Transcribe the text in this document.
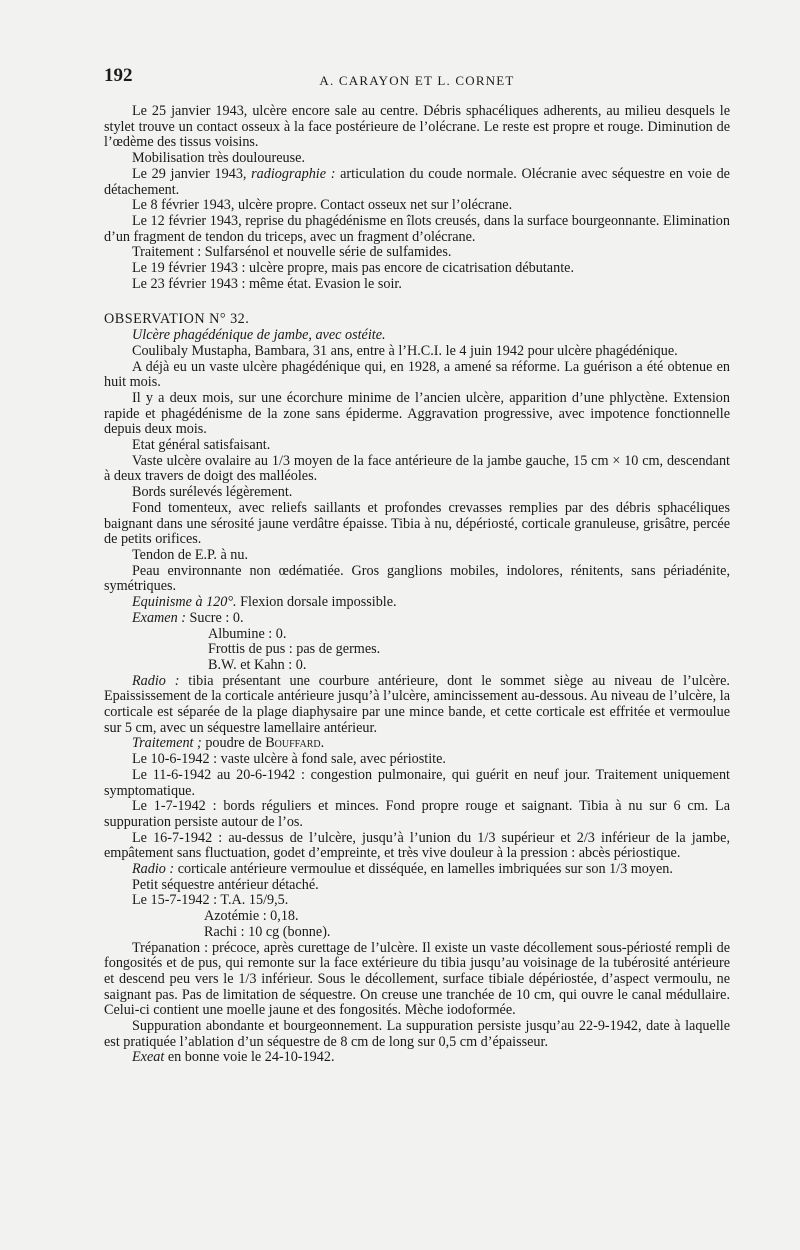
192	A. CARAYON ET L. CORNET

Le 25 janvier 1943, ulcère encore sale au centre. Débris sphacéliques adherents, au milieu desquels le stylet trouve un contact osseux à la face postérieure de l’olécrane. Le reste est propre et rouge. Diminution de l’œdème des tissus voisins.

Mobilisation très douloureuse.

Le 29 janvier 1943, radiographie : articulation du coude normale. Olécranie avec séquestre en voie de détachement.

Le 8 février 1943, ulcère propre. Contact osseux net sur l’olécrane.

Le 12 février 1943, reprise du phagédénisme en îlots creusés, dans la surface bourgeonnante. Elimination d’un fragment de tendon du triceps, avec un fragment d’olécrane.

Traitement : Sulfarsénol et nouvelle série de sulfamides.

Le 19 février 1943 : ulcère propre, mais pas encore de cicatrisation débutante.

Le 23 février 1943 : même état. Evasion le soir.

OBSERVATION N° 32.

Ulcère phagédénique de jambe, avec ostéite.

Coulibaly Mustapha, Bambara, 31 ans, entre à l’H.C.I. le 4 juin 1942 pour ulcère phagédénique.

A déjà eu un vaste ulcère phagédénique qui, en 1928, a amené sa réforme. La guérison a été obtenue en huit mois.

Il y a deux mois, sur une écorchure minime de l’ancien ulcère, apparition d’une phlyctène. Extension rapide et phagédénisme de la zone sans épiderme. Aggravation progressive, avec impotence fonctionnelle depuis deux mois.

Etat général satisfaisant.

Vaste ulcère ovalaire au 1/3 moyen de la face antérieure de la jambe gauche, 15 cm × 10 cm, descendant à deux travers de doigt des malléoles.

Bords surélevés légèrement.

Fond tomenteux, avec reliefs saillants et profondes crevasses remplies par des débris sphacéliques baignant dans une sérosité jaune verdâtre épaisse. Tibia à nu, dépériosté, corticale granuleuse, grisâtre, percée de petits orifices.

Tendon de E.P. à nu.

Peau environnante non œdématiée. Gros ganglions mobiles, indolores, rénitents, sans périadénite, symétriques.

Equinisme à 120°. Flexion dorsale impossible.

Examen : Sucre : 0.

Albumine : 0.

Frottis de pus : pas de germes.

B.W. et Kahn : 0.

Radio : tibia présentant une courbure antérieure, dont le sommet siège au niveau de l’ulcère. Epaississement de la corticale antérieure jusqu’à l’ulcère, amincissement au-dessous. Au niveau de l’ulcère, la corticale est séparée de la plage diaphysaire par une mince bande, et cette corticale est effritée et vermoulue sur 5 cm, avec un séquestre lamellaire antérieur.

Traitement ; poudre de Bouffard.

Le 10-6-1942 : vaste ulcère à fond sale, avec périostite.

Le 11-6-1942 au 20-6-1942 : congestion pulmonaire, qui guérit en neuf jour. Traitement uniquement symptomatique.

Le 1-7-1942 : bords réguliers et minces. Fond propre rouge et saignant. Tibia à nu sur 6 cm. La suppuration persiste autour de l’os.

Le 16-7-1942 : au-dessus de l’ulcère, jusqu’à l’union du 1/3 supérieur et 2/3 inférieur de la jambe, empâtement sans fluctuation, godet d’empreinte, et très vive douleur à la pression : abcès périostique.

Radio : corticale antérieure vermoulue et disséquée, en lamelles imbriquées sur son 1/3 moyen.

Petit séquestre antérieur détaché.

Le 15-7-1942 : T.A. 15/9,5.

Azotémie : 0,18.

Rachi : 10 cg (bonne).

Trépanation : précoce, après curettage de l’ulcère. Il existe un vaste décollement sous-périosté rempli de fongosités et de pus, qui remonte sur la face extérieure du tibia jusqu’au voisinage de la tubérosité antérieure et descend peu vers le 1/3 inférieur. Sous le décollement, surface tibiale dépériostée, d’aspect vermoulu, ne saignant pas. Pas de limitation de séquestre. On creuse une tranchée de 10 cm, qui ouvre le canal médullaire. Celui-ci contient une moelle jaune et des fongosités. Mèche iodoformée.

Suppuration abondante et bourgeonnement. La suppuration persiste jusqu’au 22-9-1942, date à laquelle est pratiquée l’ablation d’un séquestre de 8 cm de long sur 0,5 cm d’épaisseur.

Exeat en bonne voie le 24-10-1942.
